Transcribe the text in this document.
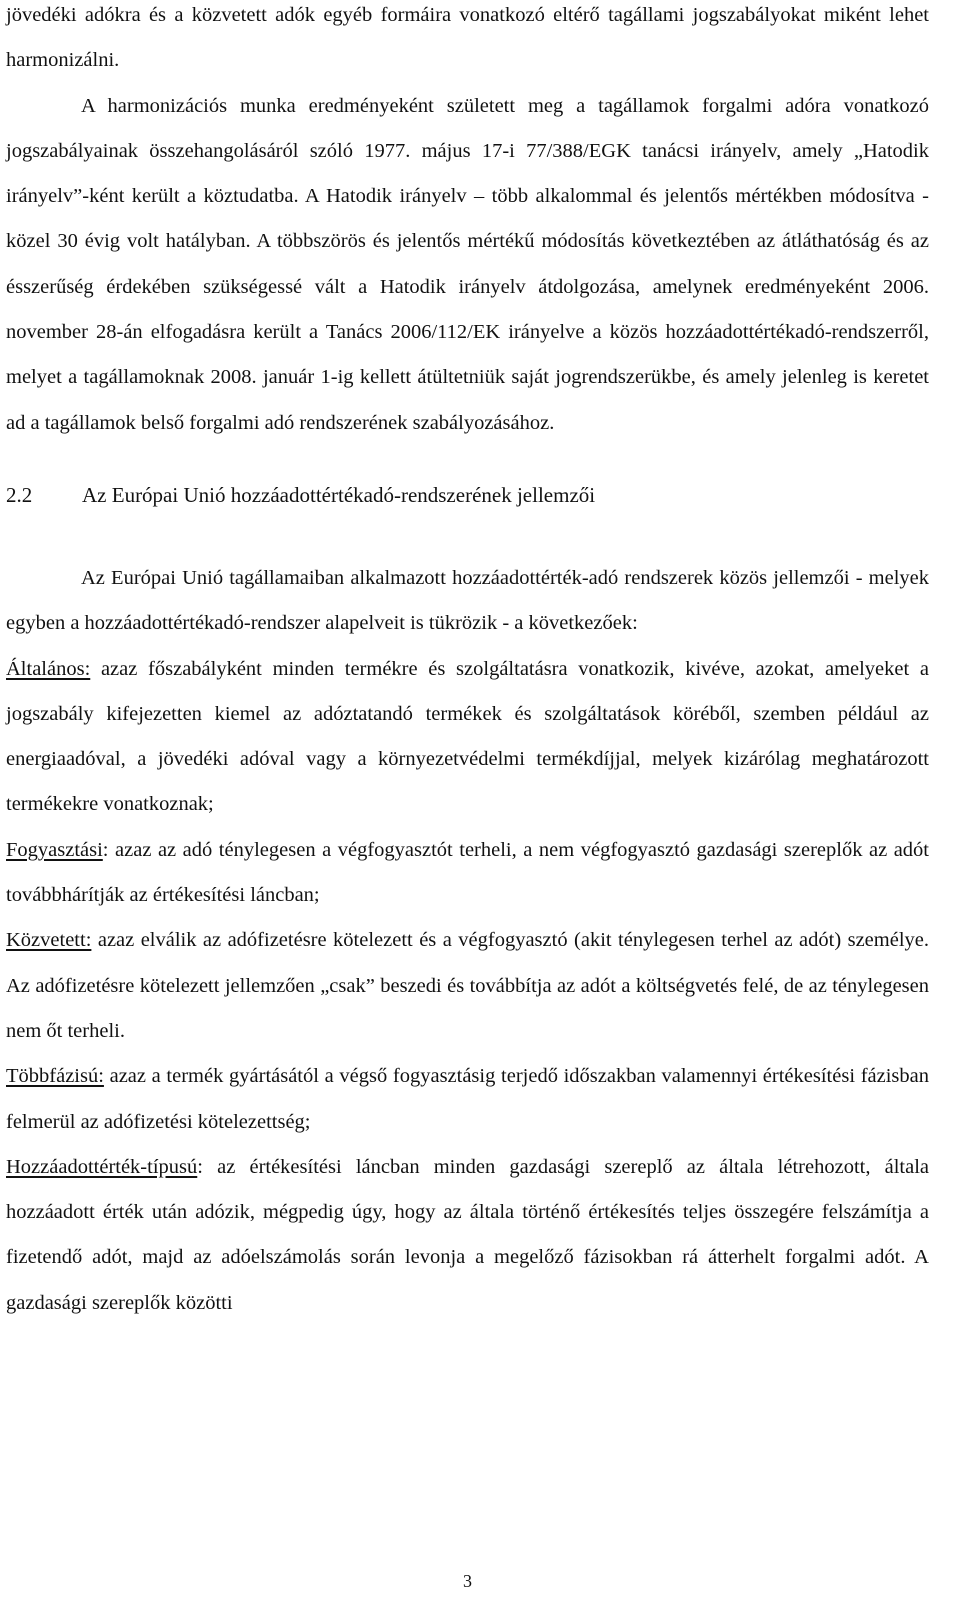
jövedéki adókra és a közvetett adók egyéb formáira vonatkozó eltérő tagállami jogszabályokat miként lehet harmonizálni.

A harmonizációs munka eredményeként született meg a tagállamok forgalmi adóra vonatkozó jogszabályainak összehangolásáról szóló 1977. május 17-i 77/388/EGK tanácsi irányelv, amely „Hatodik irányelv”-ként került a köztudatba. A Hatodik irányelv – több alkalommal és jelentős mértékben módosítva - közel 30 évig volt hatályban. A többszörös és jelentős mértékű módosítás következtében az átláthatóság és az ésszerűség érdekében szükségessé vált a Hatodik irányelv átdolgozása, amelynek eredményeként 2006. november 28-án elfogadásra került a Tanács 2006/112/EK irányelve a közös hozzáadottértékadó-rendszerről, melyet a tagállamoknak 2008. január 1-ig kellett átültetniük saját jogrendszerükbe, és amely jelenleg is keretet ad a tagállamok belső forgalmi adó rendszerének szabályozásához.

2.2 Az Európai Unió hozzáadottértékadó-rendszerének jellemzői

Az Európai Unió tagállamaiban alkalmazott hozzáadottérték-adó rendszerek közös jellemzői - melyek egyben a hozzáadottértékadó-rendszer alapelveit is tükrözik - a következőek:

Általános: azaz főszabályként minden termékre és szolgáltatásra vonatkozik, kivéve, azokat, amelyeket a jogszabály kifejezetten kiemel az adóztatandó termékek és szolgáltatások köréből, szemben például az energiaadóval, a jövedéki adóval vagy a környezetvédelmi termékdíjjal, melyek kizárólag meghatározott termékekre vonatkoznak;

Fogyasztási: azaz az adó ténylegesen a végfogyasztót terheli, a nem végfogyasztó gazdasági szereplők az adót továbbhárítják az értékesítési láncban;

Közvetett: azaz elválik az adófizetésre kötelezett és a végfogyasztó (akit ténylegesen terhel az adót) személye. Az adófizetésre kötelezett jellemzően „csak” beszedi és továbbítja az adót a költségvetés felé, de az ténylegesen nem őt terheli.

Többfázisú: azaz a termék gyártásától a végső fogyasztásig terjedő időszakban valamennyi értékesítési fázisban felmerül az adófizetési kötelezettség;

Hozzáadottérték-típusú: az értékesítési láncban minden gazdasági szereplő az általa létrehozott, általa hozzáadott érték után adózik, mégpedig úgy, hogy az általa történő értékesítés teljes összegére felszámítja a fizetendő adót, majd az adóelszámolás során levonja a megelőző fázisokban rá átterhelt forgalmi adót. A gazdasági szereplők közötti

3
